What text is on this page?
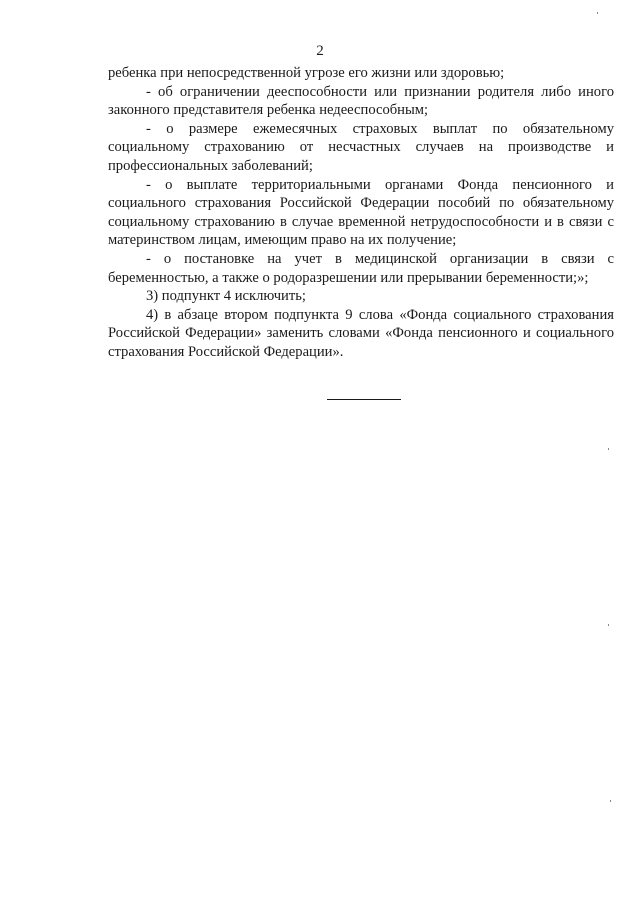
2

ребенка при непосредственной угрозе его жизни или здоровью;

- об ограничении дееспособности или признании родителя либо иного законного представителя ребенка недееспособным;

- о размере ежемесячных страховых выплат по обязательному социальному страхованию от несчастных случаев на производстве и профессиональных заболеваний;

- о выплате территориальными органами Фонда пенсионного и социального страхования Российской Федерации пособий по обязательному социальному страхованию в случае временной нетрудоспособности и в связи с материнством лицам, имеющим право на их получение;

- о постановке на учет в медицинской организации в связи с беременностью, а также о родоразрешении или прерывании беременности;»;

3) подпункт 4 исключить;

4) в абзаце втором подпункта 9 слова «Фонда социального страхования Российской Федерации» заменить словами «Фонда пенсионного и социального страхования Российской Федерации».
